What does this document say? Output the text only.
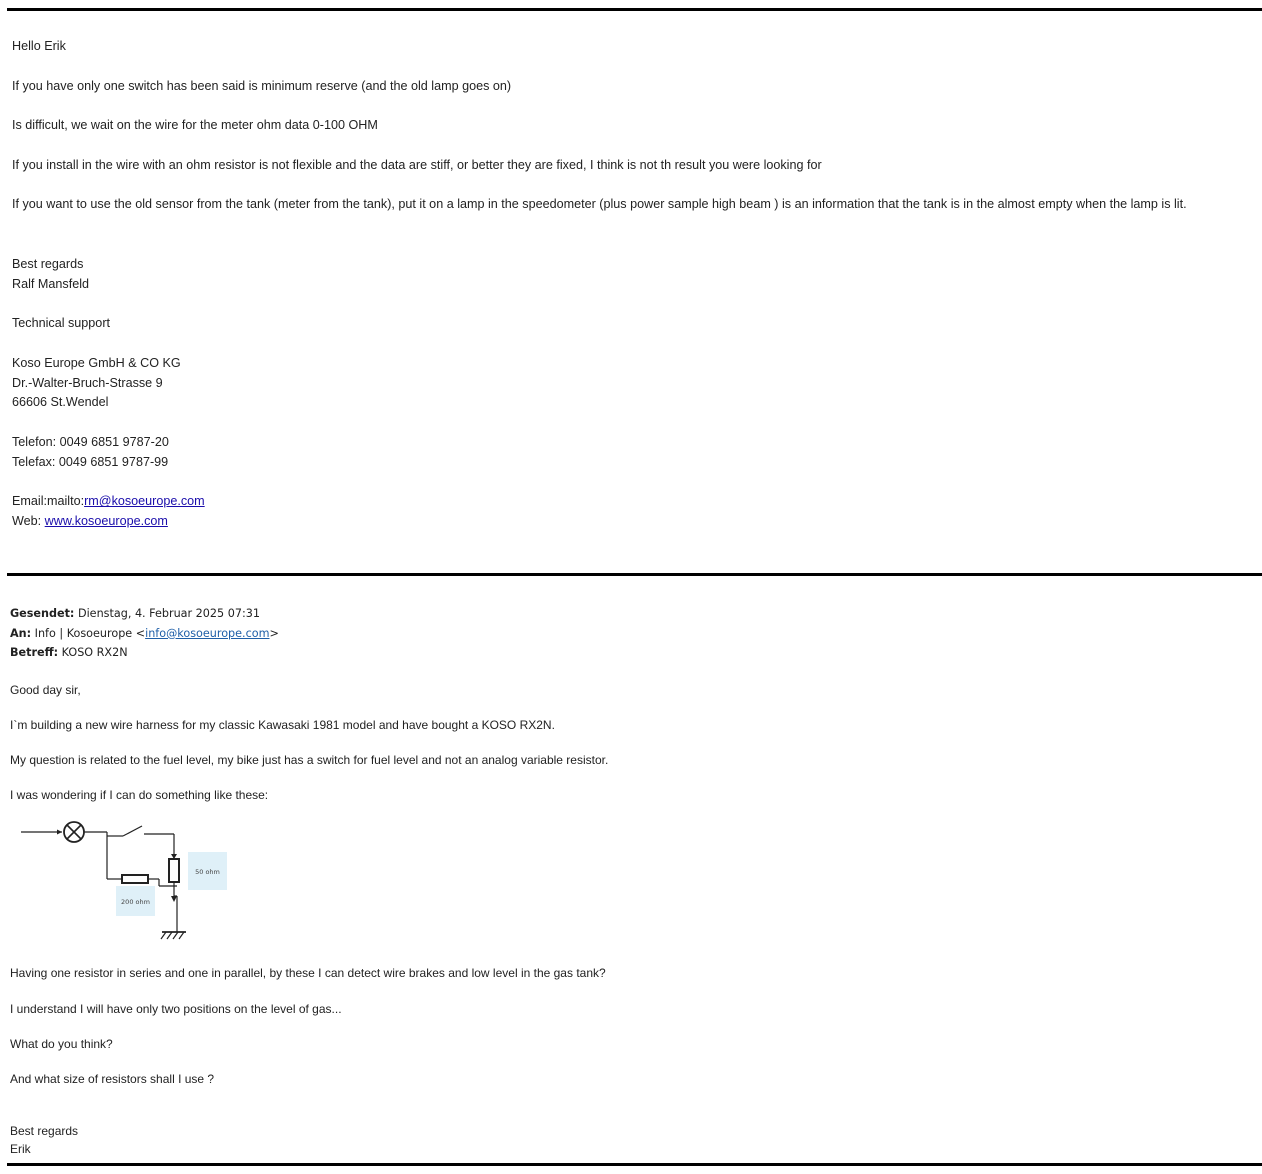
Hello Erik

If you have only one switch has been said is minimum reserve (and the old lamp goes on)

Is difficult, we wait on the wire for the meter ohm data 0-100 OHM

If you install in the wire with an ohm resistor is not flexible and the data are stiff, or better they are fixed, I think is not th result you were looking for

If you want to use the old sensor from the tank (meter from the tank), put it on a lamp in the speedometer (plus power sample high beam ) is an information that the tank is in the almost empty when the lamp is lit.

Best regards

Ralf Mansfeld

Technical support

Koso Europe GmbH & CO KG

Dr.-Walter-Bruch-Strasse 9

66606 St.Wendel

Telefon: 0049 6851 9787-20

Telefax: 0049 6851 9787-99

Email:mailto:rm@kosoeurope.com

Web: www.kosoeurope.com

Gesendet: Dienstag, 4. Februar 2025 07:31
An: Info | Kosoeurope <info@kosoeurope.com>
Betreff: KOSO RX2N

Good day sir,

I`m building a new wire harness for my classic Kawasaki 1981 model and have bought a KOSO RX2N.

My question is related to the fuel level, my bike just has a switch for fuel level and not an analog variable resistor.

I was wondering if I can do something like these:

50 ohm
200 ohm

Having one resistor in series and one in parallel, by these I can detect wire brakes and low level in the gas tank?

I understand I will have only two positions on the level of gas...

What do you think?

And what size of resistors shall I use ?

Best regards

Erik
